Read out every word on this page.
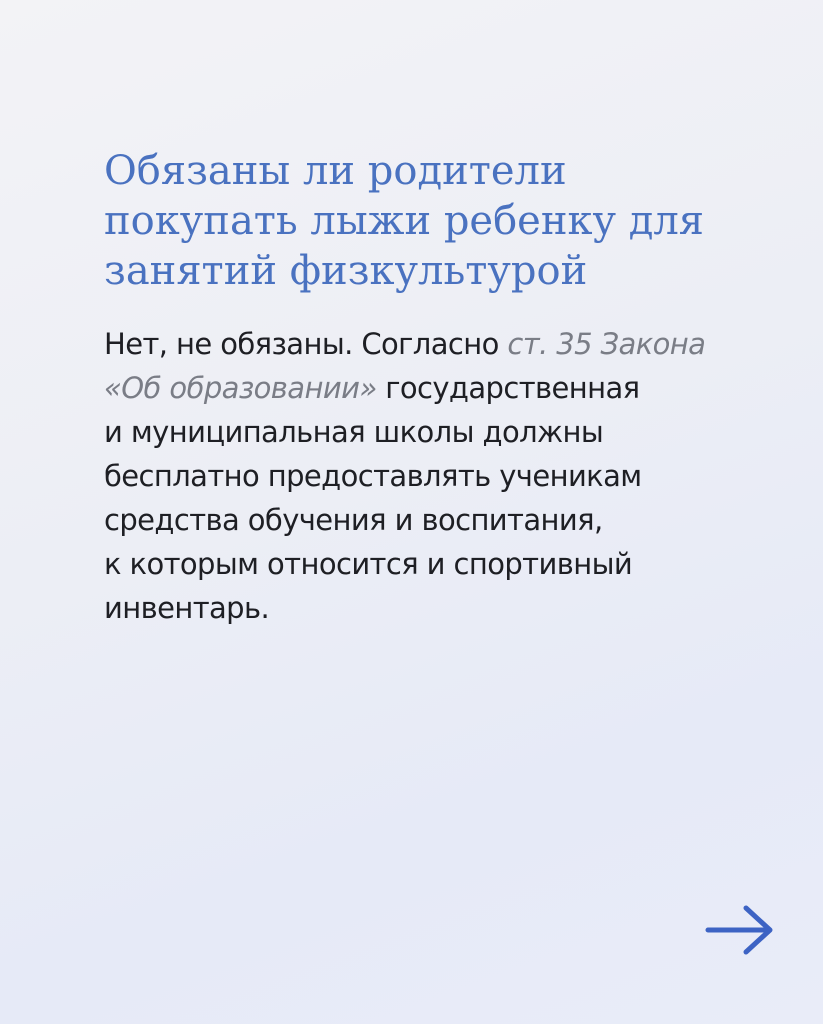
Обязаны ли родители
покупать лыжи ребенку для
занятий физкультурой

Нет, не обязаны. Согласно ст. 35 Закона
«Об образовании» государственная
и муниципальная школы должны
бесплатно предоставлять ученикам
средства обучения и воспитания,
к которым относится и спортивный
инвентарь.
